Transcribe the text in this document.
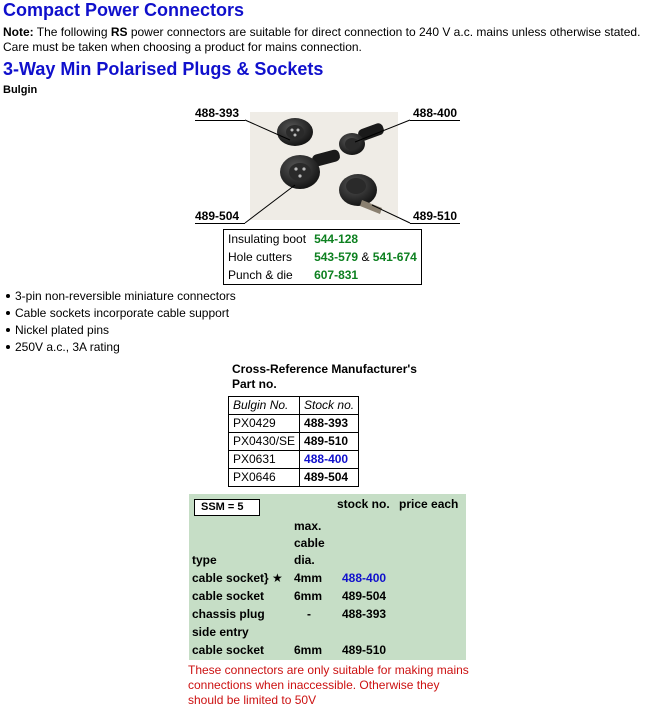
Compact Power Connectors
Note: The following RS power connectors are suitable for direct connection to 240 V a.c. mains unless otherwise stated. Care must be taken when choosing a product for mains connection.
3-Way Min Polarised Plugs & Sockets
Bulgin
488-393	488-400
489-504	489-510
Insulating boot	544-128
Hole cutters	543-579 & 541-674
Punch & die	607-831
3-pin non-reversible miniature connectors
Cable sockets incorporate cable support
Nickel plated pins
250V a.c., 3A rating
Cross-Reference Manufacturer's
Part no.
Bulgin No.	Stock no.
PX0429	488-393
PX0430/SE	489-510
PX0631	488-400
PX0646	489-504
SSM = 5	stock no. price each
max.
cable
dia.
type
cable socket} ★ 4mm 488-400
cable socket 6mm 489-504
chassis plug	-	488-393
side entry
cable socket 6mm 489-510
These connectors are only suitable for making mains connections when inaccessible. Otherwise they should be limited to 50V
